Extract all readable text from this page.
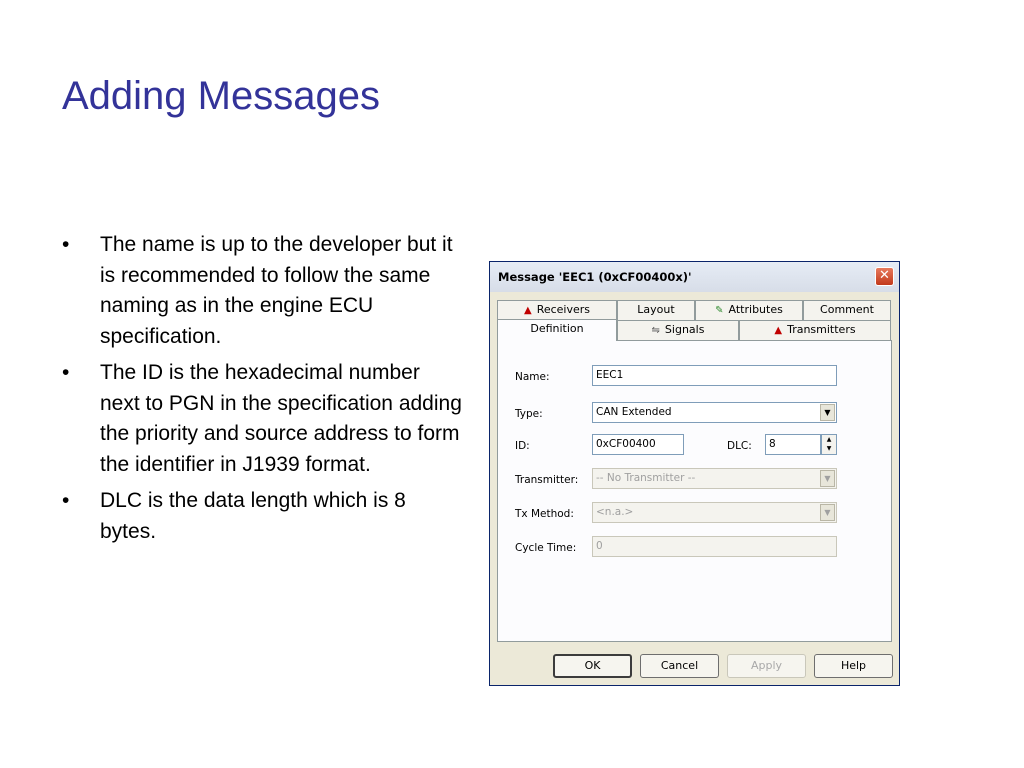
Adding Messages
• The name is up to the developer but it is recommended to follow the same naming as in the engine ECU specification.
• The ID is the hexadecimal number next to PGN in the specification adding the priority and source address to form the identifier in J1939 format.
• DLC is the data length which is 8 bytes.
Message 'EEC1 (0xCF00400x)'	✕
▲ Receivers	Layout	✎ Attributes	Comment
Definition	⇋ Signals	▲ Transmitters
Name:	EEC1
Type:	CAN Extended	▼
ID:	0xCF00400	DLC:	8	▲
▼
Transmitter:	-- No Transmitter --	▼
Tx Method:	<n.a.>	▼
Cycle Time:	0
OK	Cancel	Apply	Help
